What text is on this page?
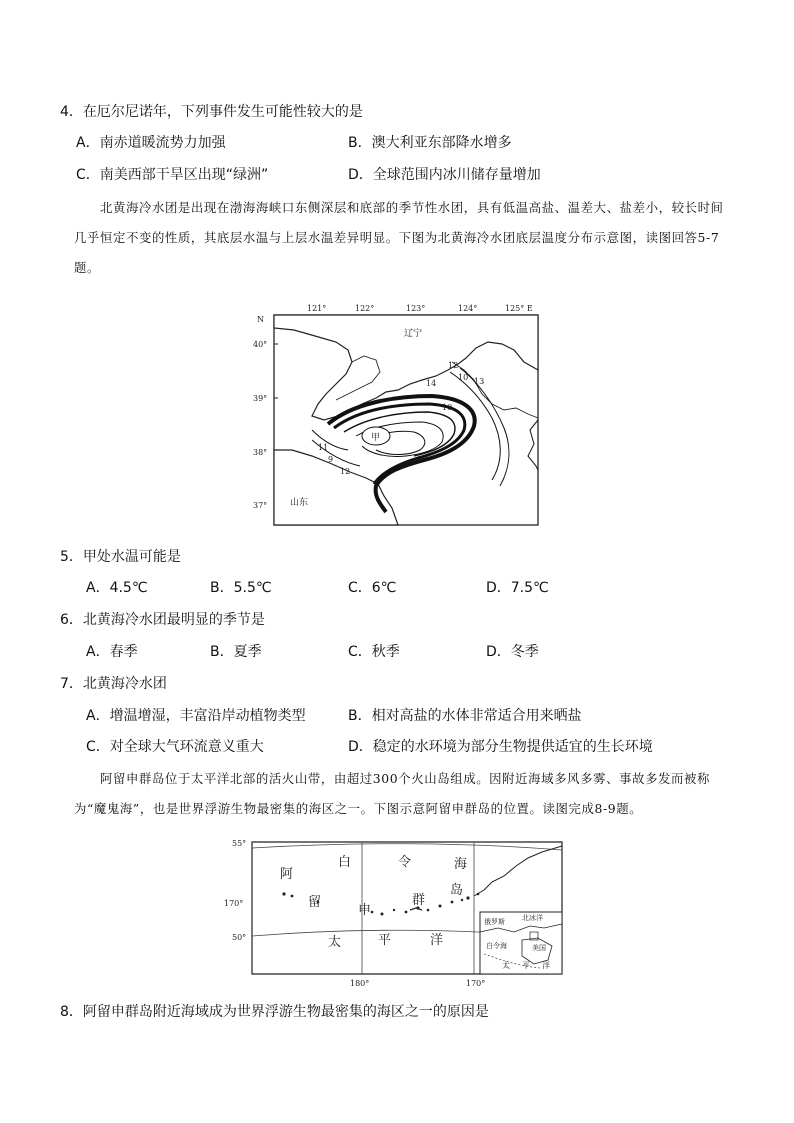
4．在厄尔尼诺年，下列事件发生可能性较大的是
A．南赤道暖流势力加强	B．澳大利亚东部降水增多
C．南美西部干旱区出现“绿洲”	D．全球范围内冰川储存量增加
北黄海冷水团是出现在渤海海峡口东侧深层和底部的季节性水团，具有低温高盐、温差大、盐差小，较长时间几乎恒定不变的性质，其底层水温与上层水温差异明显。下图为北黄海冷水团底层温度分布示意图，读图回答5-7题。
N
121°	122°	123°	124°	125° E
40°
39°
38°
37°
甲
辽宁
山东
14
12
10
10
11
9
13
12
5．甲处水温可能是
A．4.5℃	B．5.5℃	C．6℃	D．7.5℃
6．北黄海冷水团最明显的季节是
A．春季	B．夏季	C．秋季	D．冬季
7．北黄海冷水团
A．增温增湿，丰富沿岸动植物类型	B．相对高盐的水体非常适合用来晒盐
C．对全球大气环流意义重大	D．稳定的水环境为部分生物提供适宜的生长环境
阿留申群岛位于太平洋北部的活火山带，由超过300个火山岛组成。因附近海域多风多雾、事故多发而被称为“魔鬼海”，也是世界浮游生物最密集的海区之一。下图示意阿留申群岛的位置。读图完成8-9题。
55°
170°
50°
180°	170°
阿
白	令	海
岛
留
申
群
太	平	洋
俄罗斯 北冰洋
美国
白令海
太 平 洋
8．阿留申群岛附近海域成为世界浮游生物最密集的海区之一的原因是
